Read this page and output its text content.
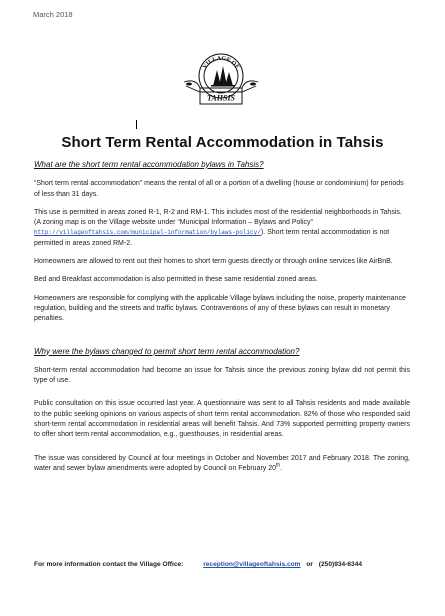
March 2018
VILLAGE OF
TAHSIS
Short Term Rental Accommodation in Tahsis
What are the short term rental accommodation bylaws in Tahsis?

“Short term rental accommodation” means the rental of all or a portion of a dwelling (house or condominium) for periods of less than 31 days.

This use is permitted in areas zoned R-1, R-2 and RM-1. This includes most of the residential neighborhoods in Tahsis. (A zoning map is on the Village website under “Municipal Information – Bylaws and Policy” http://villageoftahsis.com/municipal-information/bylaws-policy/). Short term rental accommodation is not permitted in areas zoned RM-2.

Homeowners are allowed to rent out their homes to short term guests directly or through online services like AirBnB.

Bed and Breakfast accommodation is also permitted in these same residential zoned areas.

Homeowners are responsible for complying with the applicable Village bylaws including the noise, property maintenance regulation, building and the streets and traffic bylaws. Contraventions of any of these bylaws can result in monetary penalties.

Why were the bylaws changed to permit short term rental accommodation?

Short-term rental accommodation had become an issue for Tahsis since the previous zoning bylaw did not permit this type of use.

Public consultation on this issue occurred last year. A questionnaire was sent to all Tahsis residents and made available to the public seeking opinions on various aspects of short term rental accommodation. 82% of those who responded said short-term rental accommodation in residential areas will benefit Tahsis. And 73% supported permitting property owners to offer short term rental accommodation, e.g., guesthouses, in residential areas.

The issue was considered by Council at four meetings in October and November 2017 and February 2018. The zoning, water and sewer bylaw amendments were adopted by Council on February 20th.

For more information contact the Village Office:	reception@villageoftahsis.com or (250)934-6344
